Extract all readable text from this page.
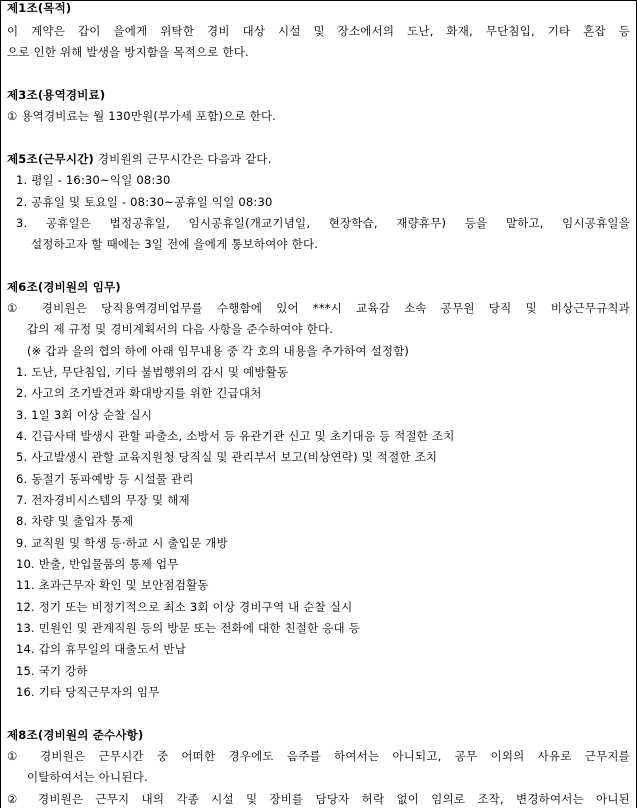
제1조(목적)
이 계약은 갑이 을에게 위탁한 경비 대상 시설 및 장소에서의 도난, 화재, 무단침입, 기타 혼잡 등
으로 인한 위해 발생을 방지함을 목적으로 한다.
제3조(용역경비료)
① 용역경비료는 월 130만원(부가세 포함)으로 한다.
제5조(근무시간) 경비원의 근무시간은 다음과 같다.
1. 평일 - 16:30~익일 08:30
2. 공휴일 및 토요일 - 08:30~공휴일 익일 08:30
3. 공휴일은 법정공휴일, 임시공휴일(개교기념일, 현장학습, 재량휴무) 등을 말하고, 임시공휴일을
설정하고자 할 때에는 3일 전에 을에게 통보하여야 한다.
제6조(경비원의 임무)
① 경비원은 당직용역경비업무를 수행함에 있어 ***시 교육감 소속 공무원 당직 및 비상근무규칙과
갑의 제 규정 및 경비계획서의 다음 사항을 준수하여야 한다.
(※ 갑과 을의 협의 하에 아래 임무내용 중 각 호의 내용을 추가하여 설정함)
1. 도난, 무단침입, 기타 불법행위의 감시 및 예방활동
2. 사고의 조기발견과 확대방지를 위한 긴급대처
3. 1일 3회 이상 순찰 실시
4. 긴급사태 발생시 관할 파출소, 소방서 등 유관기관 신고 및 초기대응 등 적절한 조치
5. 사고발생시 관할 교육지원청 당직실 및 관리부서 보고(비상연락) 및 적절한 조치
6. 동절기 동파예방 등 시설물 관리
7. 전자경비시스템의 무장 및 해제
8. 차량 및 출입자 통제
9. 교직원 및 학생 등·하교 시 출입문 개방
10. 반출, 반입물품의 통제 업무
11. 초과근무자 확인 및 보안점검활동
12. 정기 또는 비정기적으로 최소 3회 이상 경비구역 내 순찰 실시
13. 민원인 및 관계직원 등의 방문 또는 전화에 대한 친절한 응대 등
14. 갑의 휴무일의 대출도서 반납
15. 국기 강하
16. 기타 당직근무자의 임무
제8조(경비원의 준수사항)
① 경비원은 근무시간 중 어떠한 경우에도 음주를 하여서는 아니되고, 공무 이외의 사유로 근무지를
이탈하여서는 아니된다.
② 경비원은 근무지 내의 각종 시설 및 장비를 담당자 허락 없이 임의로 조작, 변경하여서는 아니된
